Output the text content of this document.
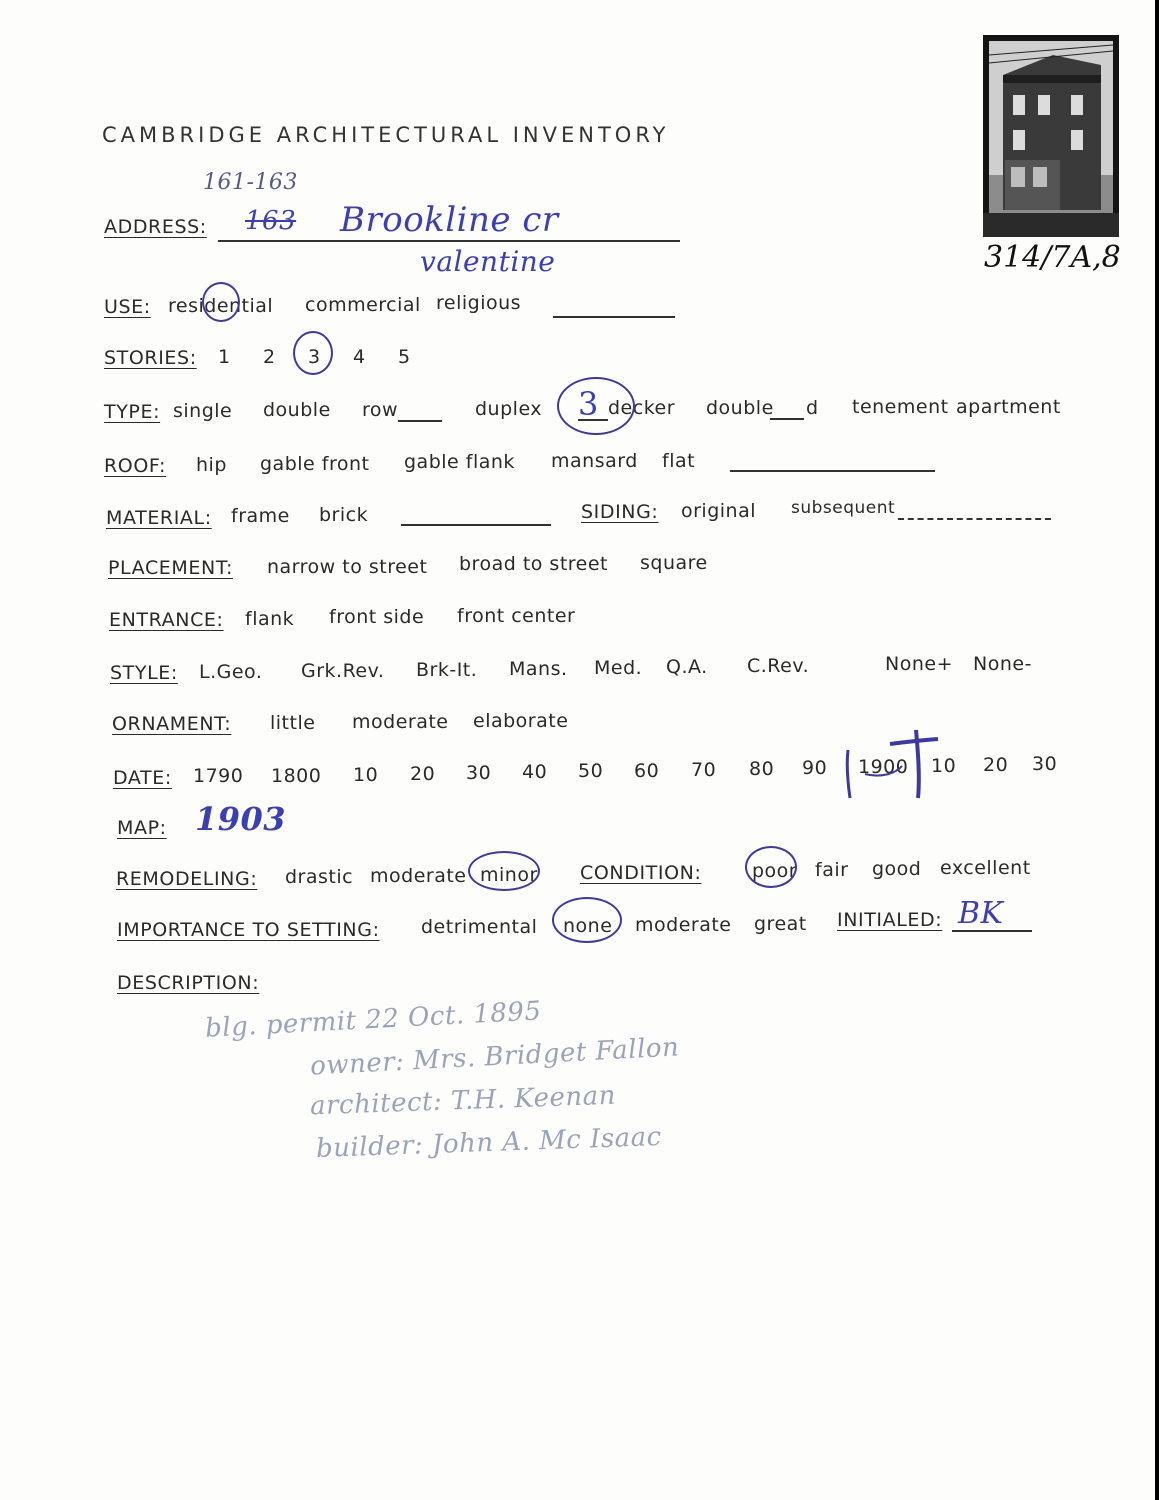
314/7A,8
CAMBRIDGE ARCHITECTURAL INVENTORY
161-163
ADDRESS: 163 Brookline cr
valentine
USE: residential commercial religious
STORIES: 1 2 3 4 5
TYPE: single double row	duplex 3 decker double d tenement apartment
ROOF: hip gable front gable flank mansard flat
MATERIAL: frame brick	SIDING: original subsequent
PLACEMENT: narrow to street broad to street square
ENTRANCE: flank front side front center
STYLE: L.Geo. Grk.Rev. Brk-It. Mans. Med. Q.A. C.Rev.	None+ None-
ORNAMENT: little moderate elaborate
DATE: 1790 1800 10 20 30 40 50 60 70 80 90 1900 10 20 30
MAP: 1903
REMODELING: drastic moderate minor CONDITION:	poor fair good excellent
IMPORTANCE TO SETTING: detrimental none moderate great INITIALED: BK
DESCRIPTION:
blg. permit 22 Oct. 1895
owner: Mrs. Bridget Fallon
architect: T.H. Keenan
builder: John A. Mc Isaac
